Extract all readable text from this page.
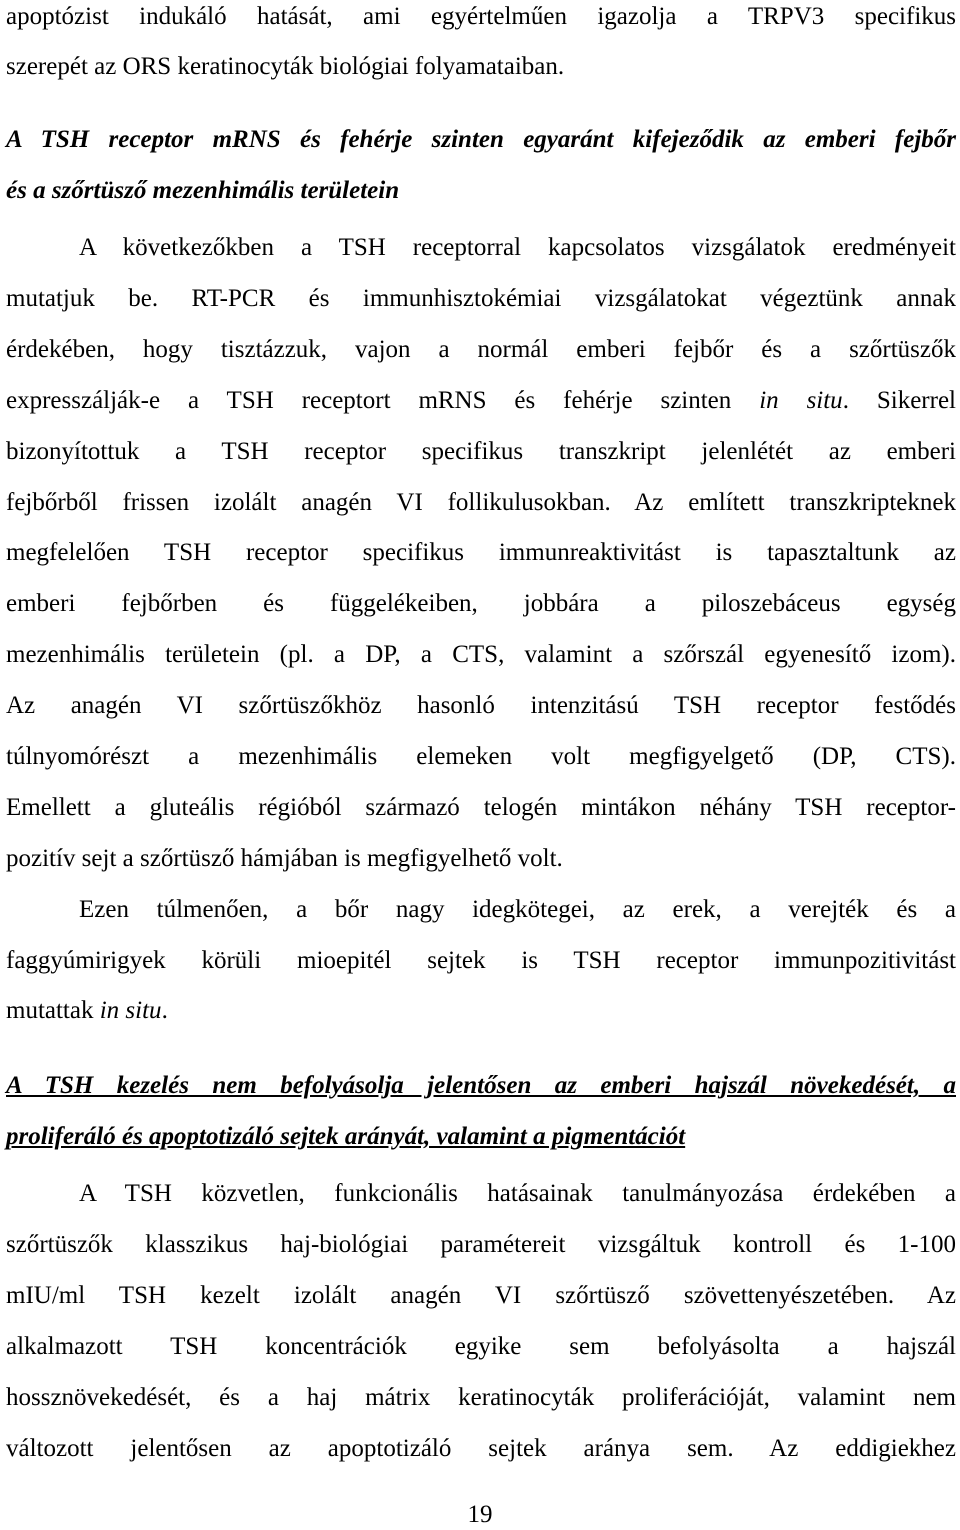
apoptózist indukáló hatását, ami egyértelműen igazolja a TRPV3 specifikus
szerepét az ORS keratinocyták biológiai folyamataiban.
A TSH receptor mRNS és fehérje szinten egyaránt kifejeződik az emberi fejbőr
és a szőrtüsző mezenhimális területein
A következőkben a TSH receptorral kapcsolatos vizsgálatok eredményeit
mutatjuk be. RT-PCR és immunhisztokémiai vizsgálatokat végeztünk annak
érdekében, hogy tisztázzuk, vajon a normál emberi fejbőr és a szőrtüszők
expresszálják-e a TSH receptort mRNS és fehérje szinten in situ. Sikerrel
bizonyítottuk a TSH receptor specifikus transzkript jelenlétét az emberi
fejbőrből frissen izolált anagén VI follikulusokban. Az említett transzkripteknek
megfelelően TSH receptor specifikus immunreaktivitást is tapasztaltunk az
emberi fejbőrben és függelékeiben, jobbára a piloszebáceus egység
mezenhimális területein (pl. a DP, a CTS, valamint a szőrszál egyenesítő izom).
Az anagén VI szőrtüszőkhöz hasonló intenzitású TSH receptor festődés
túlnyomórészt a mezenhimális elemeken volt megfigyelgető (DP, CTS).
Emellett a gluteális régióból származó telogén mintákon néhány TSH receptor-
pozitív sejt a szőrtüsző hámjában is megfigyelhető volt.
Ezen túlmenően, a bőr nagy idegkötegei, az erek, a verejték és a
faggyúmirigyek körüli mioepitél sejtek is TSH receptor immunpozitivitást
mutattak in situ.
A TSH kezelés nem befolyásolja jelentősen az emberi hajszál növekedését, a
proliferáló és apoptotizáló sejtek arányát, valamint a pigmentációt
A TSH közvetlen, funkcionális hatásainak tanulmányozása érdekében a
szőrtüszők klasszikus haj-biológiai paramétereit vizsgáltuk kontroll és 1-100
mIU/ml TSH kezelt izolált anagén VI szőrtüsző szövettenyészetében. Az
alkalmazott TSH koncentrációk egyike sem befolyásolta a hajszál
hossznövekedését, és a haj mátrix keratinocyták proliferációját, valamint nem
változott jelentősen az apoptotizáló sejtek aránya sem. Az eddigiekhez
19
